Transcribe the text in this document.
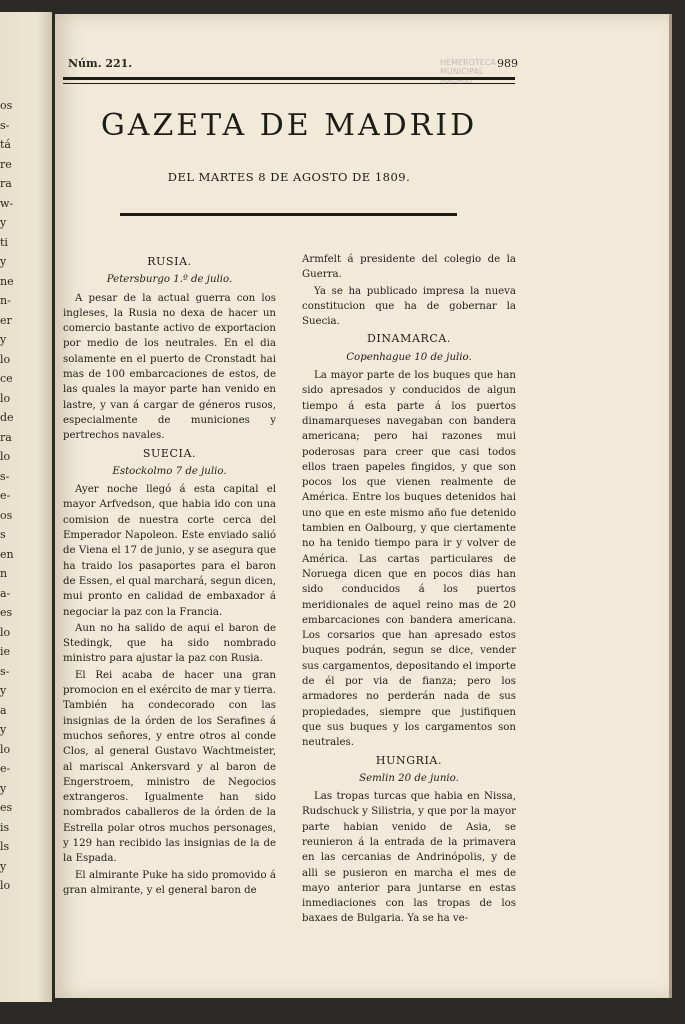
os
s-
tá
re
ra
w-
y
ti
y
ne
n-
er
y
lo
ce
lo
de
ra
lo
s-
e-
os
s
en
n
a-
es
lo
ie
s-
y
a
y
lo
e-
y
es
is
ls
y
lo
HEMEROTECA MUNICIPAL MADRID
Núm. 221.	989
GAZETA DE MADRID
DEL MARTES 8 DE AGOSTO DE 1809.
RUSIA.
Petersburgo 1.º de julio.
A pesar de la actual guerra con los ingleses, la Rusia no dexa de hacer un comercio bastante activo de exportacion por medio de los neutrales. En el dia solamente en el puerto de Cronstadt hai mas de 100 embarcaciones de estos, de las quales la mayor parte han venido en lastre, y van á cargar de géneros rusos, especialmente de municiones y pertrechos navales.
SUECIA.
Estockolmo 7 de julio.
Ayer noche llegó á esta capital el mayor Arfvedson, que habia ido con una comision de nuestra corte cerca del Emperador Napoleon. Este enviado salió de Viena el 17 de junio, y se asegura que ha traido los pasaportes para el baron de Essen, el qual marchará, segun dicen, mui pronto en calidad de embaxador á negociar la paz con la Francia.
Aun no ha salido de aqui el baron de Stedingk, que ha sido nombrado ministro para ajustar la paz con Rusia.
El Rei acaba de hacer una gran promocion en el exército de mar y tierra. También ha condecorado con las insignias de la órden de los Serafines á muchos señores, y entre otros al conde Clos, al general Gustavo Wachtmeister, al mariscal Ankersvard y al baron de Engerstroem, ministro de Negocios extrangeros. Igualmente han sido nombrados caballeros de la órden de la Estrella polar otros muchos personages, y 129 han recibido las insignias de la de la Espada.
El almirante Puke ha sido promovido á gran almirante, y el general baron de
Armfelt á presidente del colegio de la Guerra.
Ya se ha publicado impresa la nueva constitucion que ha de gobernar la Suecia.
DINAMARCA.
Copenhague 10 de julio.
La mayor parte de los buques que han sido apresados y conducidos de algun tiempo á esta parte á los puertos dinamarqueses navegaban con bandera americana; pero hai razones mui poderosas para creer que casi todos ellos traen papeles fingidos, y que son pocos los que vienen realmente de América. Entre los buques detenidos hai uno que en este mismo año fue detenido tambien en Oalbourg, y que ciertamente no ha tenido tiempo para ir y volver de América. Las cartas particulares de Noruega dicen que en pocos dias han sido conducidos á los puertos meridionales de aquel reino mas de 20 embarcaciones con bandera americana. Los corsarios que han apresado estos buques podrán, segun se dice, vender sus cargamentos, depositando el importe de él por via de fianza; pero los armadores no perderán nada de sus propiedades, siempre que justifiquen que sus buques y los cargamentos son neutrales.
HUNGRIA.
Semlin 20 de junio.
Las tropas turcas que habia en Nissa, Rudschuck y Silistria, y que por la mayor parte habian venido de Asia, se reunieron á la entrada de la primavera en las cercanias de Andrinópolis, y de alli se pusieron en marcha el mes de mayo anterior para juntarse en estas inmediaciones con las tropas de los baxaes de Bulgaria. Ya se ha ve-
